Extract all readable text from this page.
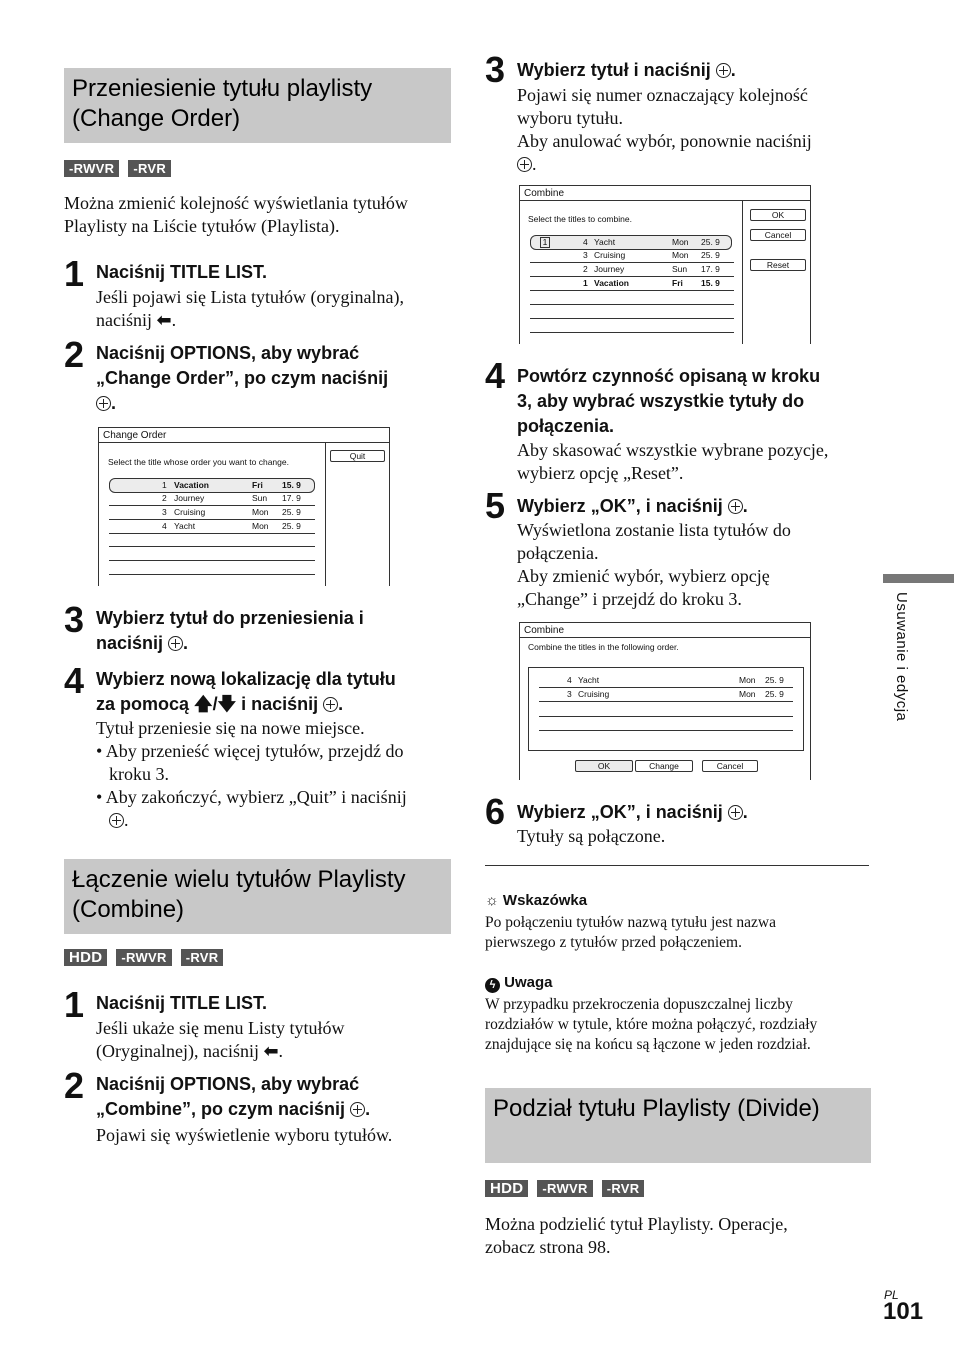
Przeniesienie tytułu playlisty (Change Order)
-RWVR	-RVR
Można zmienić kolejność wyświetlania tytułów Playlisty na Liście tytułów (Playlista).
1 Naciśnij TITLE LIST.
Jeśli pojawi się Lista tytułów (oryginalna),
naciśnij ⬅.
2 Naciśnij OPTIONS, aby wybrać
„Change Order”, po czym naciśnij
.
Change Order
Select the title whose order you want to change.
Quit
1 Vacation	Fri 15. 9
2 Journey	Sun 17. 9
3 Cruising	Mon 25. 9
4 Yacht	Mon 25. 9
3 Wybierz tytuł do przeniesienia i
naciśnij .
4 Wybierz nową lokalizację dla tytułu
za pomocą 🡅/🡇 i naciśnij .
Tytuł przeniesie się na nowe miejsce.
• Aby przenieść więcej tytułów, przejdź do
kroku 3.
• Aby zakończyć, wybierz „Quit” i naciśnij
.
Łączenie wielu tytułów Playlisty (Combine)
HDD	-RWVR	-RVR
1 Naciśnij TITLE LIST.
Jeśli ukaże się menu Listy tytułów
(Oryginalnej), naciśnij ⬅.
2 Naciśnij OPTIONS, aby wybrać
„Combine”, po czym naciśnij .
Pojawi się wyświetlenie wyboru tytułów.
3 Wybierz tytuł i naciśnij .
Pojawi się numer oznaczający kolejność
wyboru tytułu.
Aby anulować wybór, ponownie naciśnij
.
Combine
Select the titles to combine.	OK
Cancel
Reset
1	4 Yacht	Mon 25. 9
3 Cruising	Mon 25. 9
2 Journey	Sun 17. 9
1 Vacation	Fri 15. 9
4 Powtórz czynność opisaną w kroku
3, aby wybrać wszystkie tytuły do
połączenia.
Aby skasować wszystkie wybrane pozycje,
wybierz opcję „Reset”.
5 Wybierz „OK”, i naciśnij .
Wyświetlona zostanie lista tytułów do
połączenia.
Aby zmienić wybór, wybierz opcję
„Change” i przejdź do kroku 3.
Combine
Combine the titles in the following order.
4 Yacht	Mon 25. 9
3 Cruising	Mon 25. 9
OK	Change	Cancel
6 Wybierz „OK”, i naciśnij .
Tytuły są połączone.
☼ Wskazówka
Po połączeniu tytułów nazwą tytułu jest nazwa
pierwszego z tytułów przed połączeniem.
ϟ Uwaga
W przypadku przekroczenia dopuszczalnej liczby
rozdziałów w tytule, które można połączyć, rozdziały
znajdujące się na końcu są łączone w jeden rozdział.
Podział tytułu Playlisty (Divide)
HDD	-RWVR	-RVR
Można podzielić tytuł Playlisty. Operacje,
zobacz strona 98.
Usuwanie i edycja
PL
101
